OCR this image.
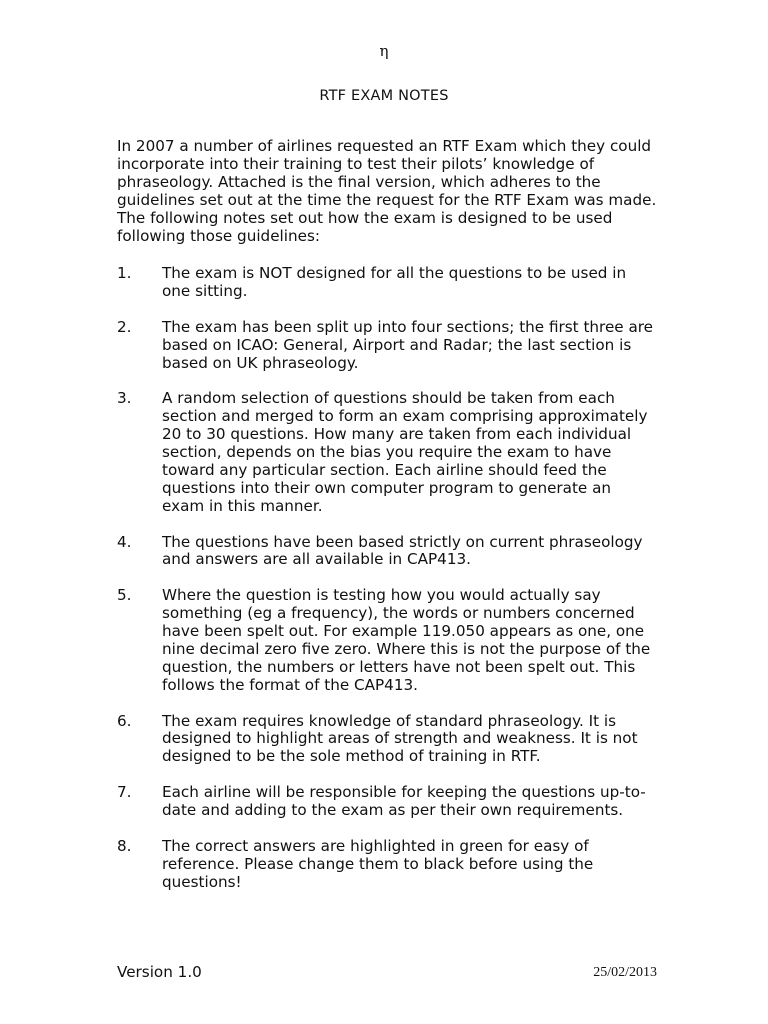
η
RTF EXAM NOTES

In 2007 a number of airlines requested an RTF Exam which they could incorporate into their training to test their pilots’ knowledge of phraseology. Attached is the final version, which adheres to the guidelines set out at the time the request for the RTF Exam was made. The following notes set out how the exam is designed to be used following those guidelines:

1. The exam is NOT designed for all the questions to be used in one sitting.
2. The exam has been split up into four sections; the first three are based on ICAO: General, Airport and Radar; the last section is based on UK phraseology.
3. A random selection of questions should be taken from each section and merged to form an exam comprising approximately 20 to 30 questions. How many are taken from each individual section, depends on the bias you require the exam to have toward any particular section. Each airline should feed the questions into their own computer program to generate an exam in this manner.
4. The questions have been based strictly on current phraseology and answers are all available in CAP413.
5. Where the question is testing how you would actually say something (eg a frequency), the words or numbers concerned have been spelt out. For example 119.050 appears as one, one nine decimal zero five zero. Where this is not the purpose of the question, the numbers or letters have not been spelt out. This follows the format of the CAP413.
6. The exam requires knowledge of standard phraseology. It is designed to highlight areas of strength and weakness. It is not designed to be the sole method of training in RTF.
7. Each airline will be responsible for keeping the questions up-to-date and adding to the exam as per their own requirements.
8. The correct answers are highlighted in green for easy of reference. Please change them to black before using the questions!
Version 1.0	25/02/2013
